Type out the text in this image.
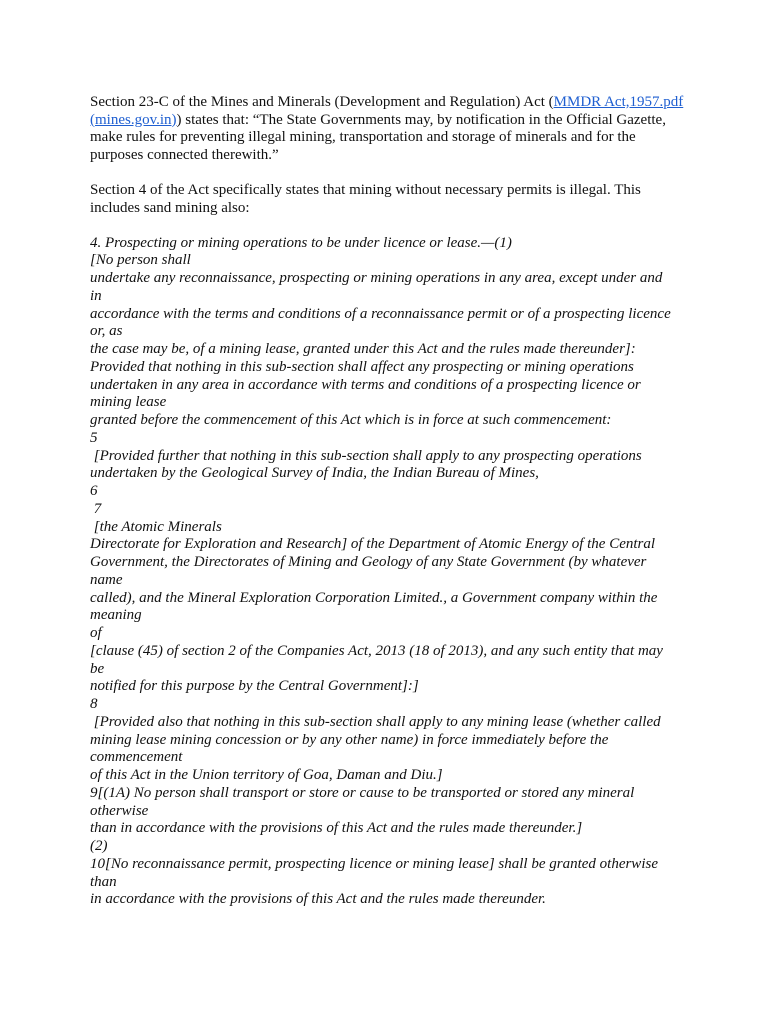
Section 23-C of the Mines and Minerals (Development and Regulation) Act (MMDR Act,1957.pdf (mines.gov.in)) states that: “The State Governments may, by notification in the Official Gazette, make rules for preventing illegal mining, transportation and storage of minerals and for the purposes connected therewith.”

Section 4 of the Act specifically states that mining without necessary permits is illegal. This includes sand mining also:

4. Prospecting or mining operations to be under licence or lease.—(1)
[No person shall
undertake any reconnaissance, prospecting or mining operations in any area, except under and
in
accordance with the terms and conditions of a reconnaissance permit or of a prospecting licence
or, as
the case may be, of a mining lease, granted under this Act and the rules made thereunder]:
Provided that nothing in this sub-section shall affect any prospecting or mining operations
undertaken in any area in accordance with terms and conditions of a prospecting licence or
mining lease
granted before the commencement of this Act which is in force at such commencement:
5
[Provided further that nothing in this sub-section shall apply to any prospecting operations
undertaken by the Geological Survey of India, the Indian Bureau of Mines,
6
7
[the Atomic Minerals
Directorate for Exploration and Research] of the Department of Atomic Energy of the Central
Government, the Directorates of Mining and Geology of any State Government (by whatever
name
called), and the Mineral Exploration Corporation Limited., a Government company within the
meaning
of
[clause (45) of section 2 of the Companies Act, 2013 (18 of 2013), and any such entity that may
be
notified for this purpose by the Central Government]:]
8
[Provided also that nothing in this sub-section shall apply to any mining lease (whether called
mining lease mining concession or by any other name) in force immediately before the
commencement
of this Act in the Union territory of Goa, Daman and Diu.]
9[(1A) No person shall transport or store or cause to be transported or stored any mineral
otherwise
than in accordance with the provisions of this Act and the rules made thereunder.]
(2)
10[No reconnaissance permit, prospecting licence or mining lease] shall be granted otherwise
than
in accordance with the provisions of this Act and the rules made thereunder.
